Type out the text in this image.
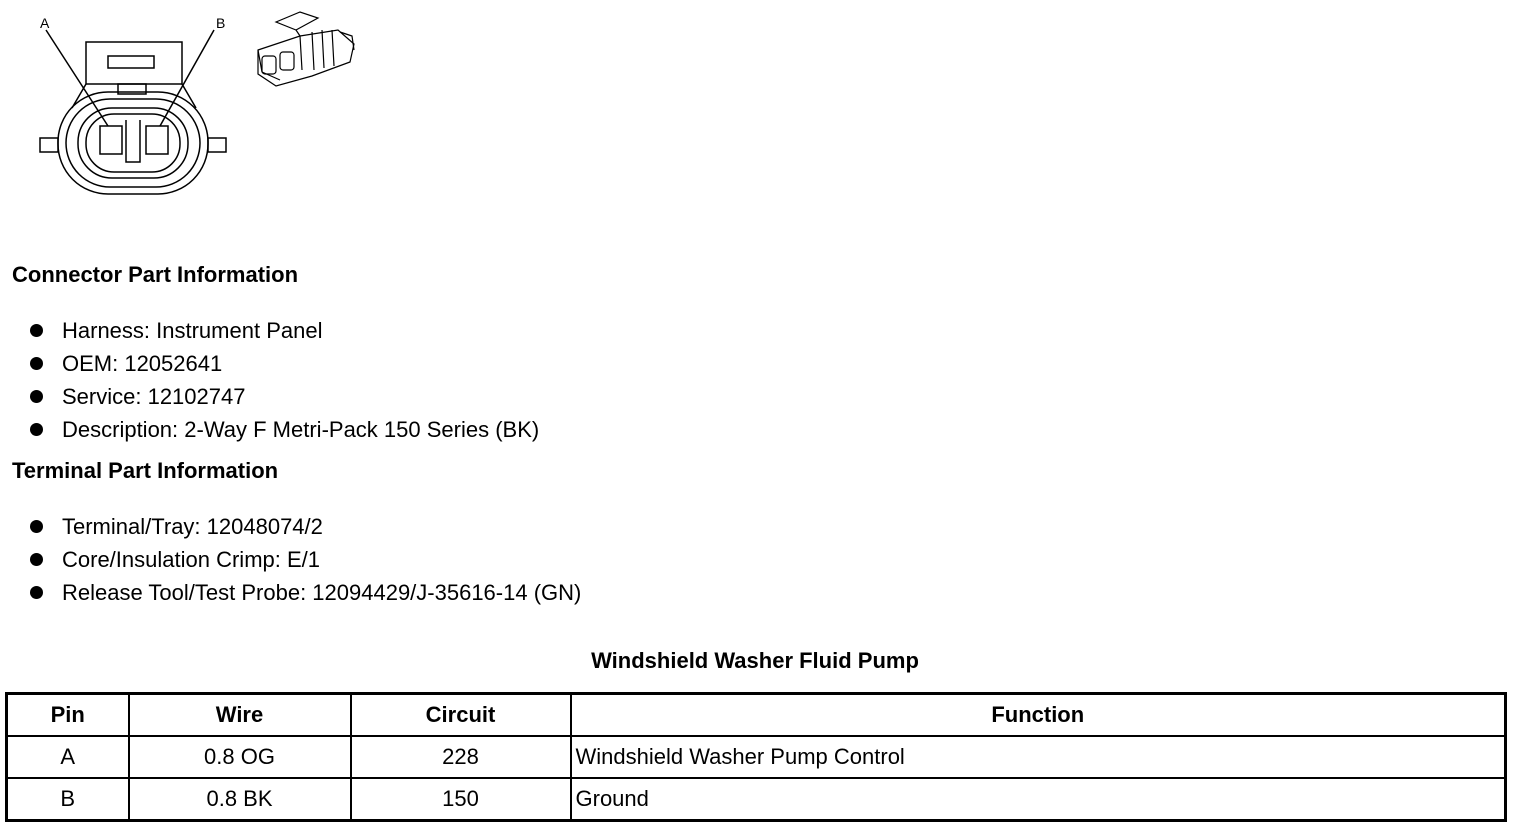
A	B
Connector Part Information
Harness: Instrument Panel
OEM: 12052641
Service: 12102747
Description: 2-Way F Metri-Pack 150 Series (BK)
Terminal Part Information
Terminal/Tray: 12048074/2
Core/Insulation Crimp: E/1
Release Tool/Test Probe: 12094429/J-35616-14 (GN)
Windshield Washer Fluid Pump
Pin	Wire	Circuit	Function
A	0.8 OG	228	Windshield Washer Pump Control
B	0.8 BK	150	Ground
